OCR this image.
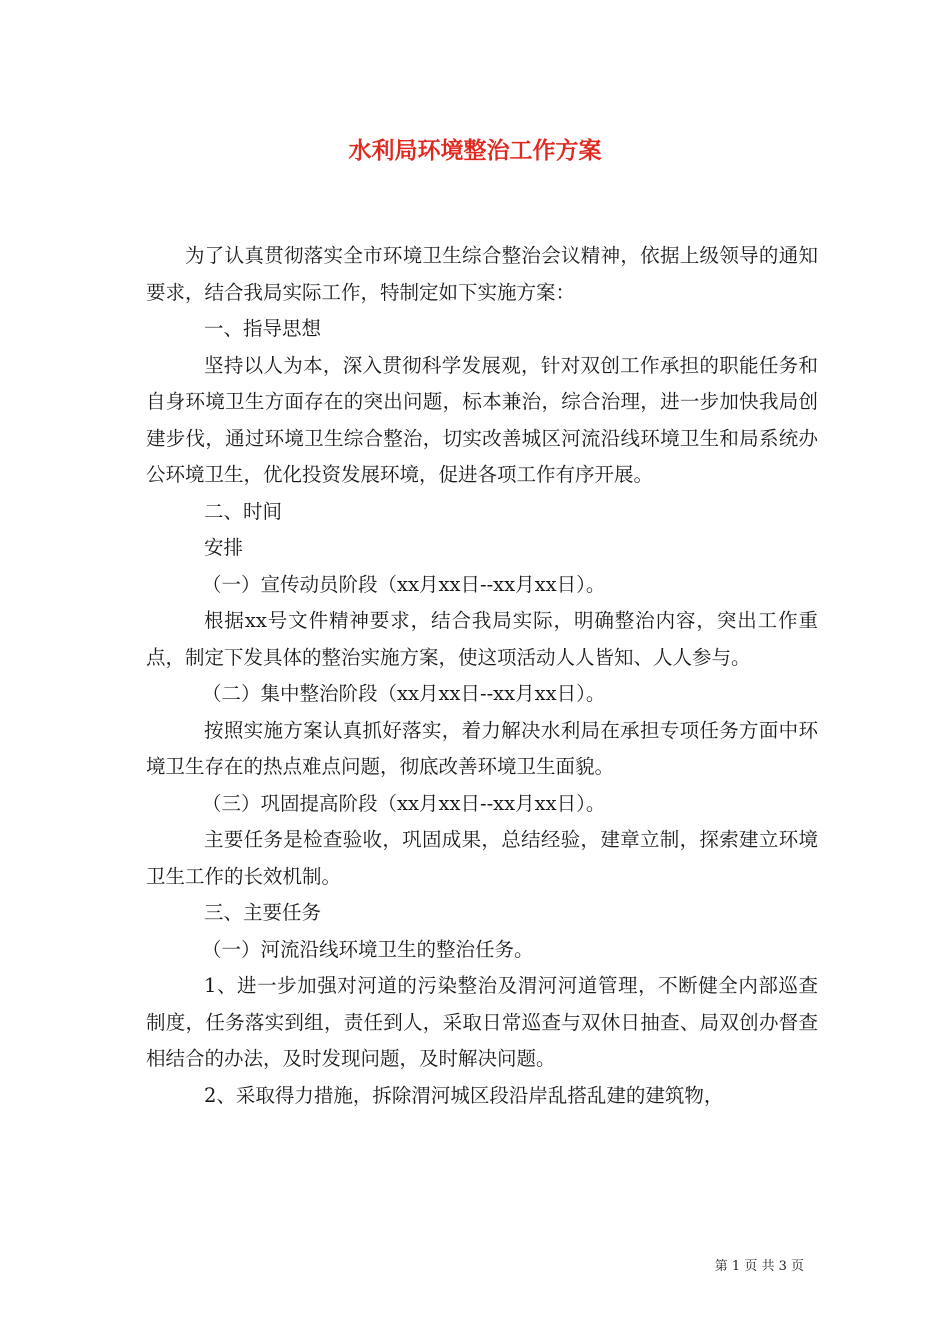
水利局环境整治工作方案

为了认真贯彻落实全市环境卫生综合整治会议精神，依据上级领导的通知要求，结合我局实际工作，特制定如下实施方案：

一、指导思想

坚持以人为本，深入贯彻科学发展观，针对双创工作承担的职能任务和自身环境卫生方面存在的突出问题，标本兼治，综合治理，进一步加快我局创建步伐，通过环境卫生综合整治，切实改善城区河流沿线环境卫生和局系统办公环境卫生，优化投资发展环境，促进各项工作有序开展。

二、时间

安排

（一）宣传动员阶段（xx月xx日--xx月xx日）。

根据xx号文件精神要求，结合我局实际，明确整治内容，突出工作重点，制定下发具体的整治实施方案，使这项活动人人皆知、人人参与。

（二）集中整治阶段（xx月xx日--xx月xx日）。

按照实施方案认真抓好落实，着力解决水利局在承担专项任务方面中环境卫生存在的热点难点问题，彻底改善环境卫生面貌。

（三）巩固提高阶段（xx月xx日--xx月xx日）。

主要任务是检查验收，巩固成果，总结经验，建章立制，探索建立环境卫生工作的长效机制。

三、主要任务

（一）河流沿线环境卫生的整治任务。

1、进一步加强对河道的污染整治及渭河河道管理，不断健全内部巡查制度，任务落实到组，责任到人，采取日常巡查与双休日抽查、局双创办督查相结合的办法，及时发现问题，及时解决问题。

2、采取得力措施，拆除渭河城区段沿岸乱搭乱建的建筑物，

第 1 页 共 3 页
